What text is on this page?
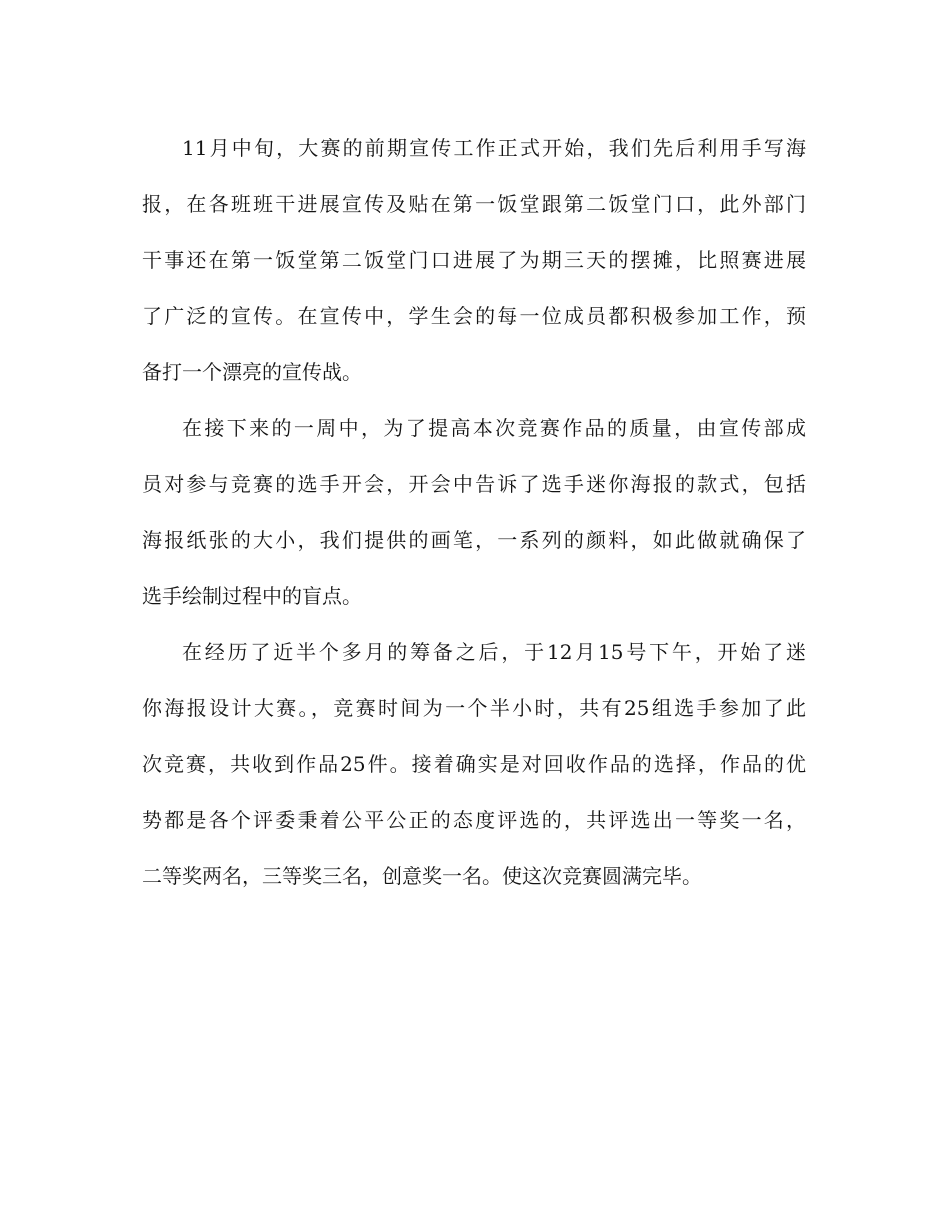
11月中旬，大赛的前期宣传工作正式开始，我们先后利用手写海
报，在各班班干进展宣传及贴在第一饭堂跟第二饭堂门口，此外部门
干事还在第一饭堂第二饭堂门口进展了为期三天的摆摊，比照赛进展
了广泛的宣传。在宣传中，学生会的每一位成员都积极参加工作，预
备打一个漂亮的宣传战。
在接下来的一周中，为了提高本次竞赛作品的质量，由宣传部成
员对参与竞赛的选手开会，开会中告诉了选手迷你海报的款式，包括
海报纸张的大小，我们提供的画笔，一系列的颜料，如此做就确保了
选手绘制过程中的盲点。
在经历了近半个多月的筹备之后，于12月15号下午，开始了迷
你海报设计大赛。，竞赛时间为一个半小时，共有25组选手参加了此
次竞赛，共收到作品25件。接着确实是对回收作品的选择，作品的优
势都是各个评委秉着公平公正的态度评选的，共评选出一等奖一名，
二等奖两名，三等奖三名，创意奖一名。使这次竞赛圆满完毕。
